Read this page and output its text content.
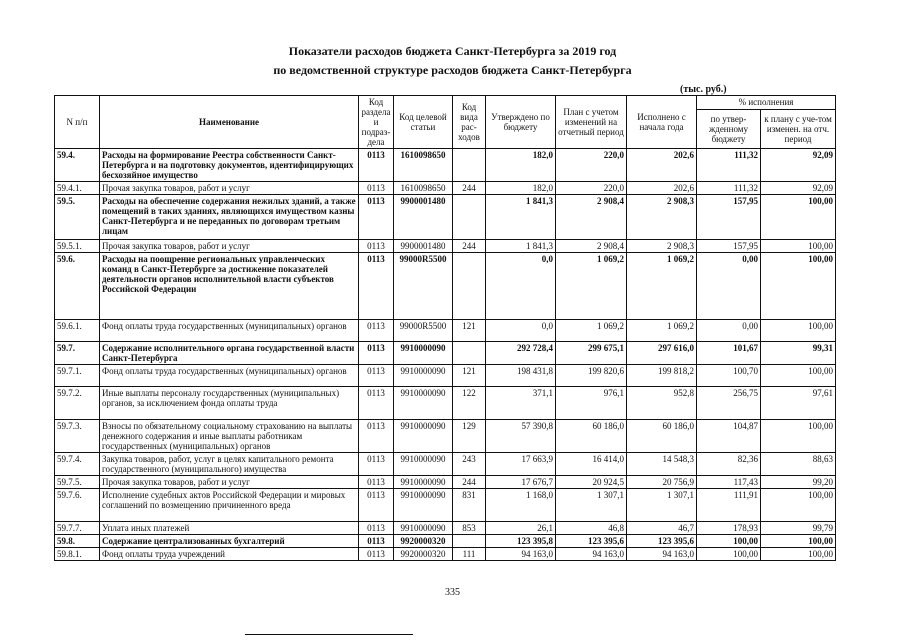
Показатели расходов бюджета Санкт-Петербурга за 2019 год
по ведомственной структуре расходов бюджета Санкт-Петербурга
(тыс. руб.)
N п/п	Наименование	Код раздела и подраз-дела	Код целевой статьи	Код вида рас-ходов	Утверждено по бюджету	План с учетом изменений на отчетный период	Исполнено с начала года	% исполнения	
								по утвер-жденному бюджету	к плану с уче-том изменен. на отч. период
59.4.	Расходы на формирование Реестра собственности Санкт-Петербурга и на подготовку документов, идентифицирующих бесхозяйное имущество	0113	1610098650		182,0	220,0	202,6	111,32	92,09
59.4.1.	Прочая закупка товаров, работ и услуг	0113	1610098650	244	182,0	220,0	202,6	111,32	92,09
59.5.	Расходы на обеспечение содержания нежилых зданий, а также помещений в таких зданиях, являющихся имуществом казны Санкт-Петербурга и не переданных по договорам третьим лицам	0113	9900001480		1 841,3	2 908,4	2 908,3	157,95	100,00
59.5.1.	Прочая закупка товаров, работ и услуг	0113	9900001480	244	1 841,3	2 908,4	2 908,3	157,95	100,00
59.6.	Расходы на поощрение региональных управленческих команд в Санкт-Петербурге за достижение показателей деятельности органов исполнительной власти субъектов Российской Федерации	0113	99000R5500		0,0	1 069,2	1 069,2	0,00	100,00
59.6.1.	Фонд оплаты труда государственных (муниципальных) органов	0113	99000R5500	121	0,0	1 069,2	1 069,2	0,00	100,00
59.7.	Содержание исполнительного органа государственной власти Санкт-Петербурга	0113	9910000090		292 728,4	299 675,1	297 616,0	101,67	99,31
59.7.1.	Фонд оплаты труда государственных (муниципальных) органов	0113	9910000090	121	198 431,8	199 820,6	199 818,2	100,70	100,00
59.7.2.	Иные выплаты персоналу государственных (муниципальных) органов, за исключением фонда оплаты труда	0113	9910000090	122	371,1	976,1	952,8	256,75	97,61
59.7.3.	Взносы по обязательному социальному страхованию на выплаты денежного содержания и иные выплаты работникам государственных (муниципальных) органов	0113	9910000090	129	57 390,8	60 186,0	60 186,0	104,87	100,00
59.7.4.	Закупка товаров, работ, услуг в целях капитального ремонта государственного (муниципального) имущества	0113	9910000090	243	17 663,9	16 414,0	14 548,3	82,36	88,63
59.7.5.	Прочая закупка товаров, работ и услуг	0113	9910000090	244	17 676,7	20 924,5	20 756,9	117,43	99,20
59.7.6.	Исполнение судебных актов Российской Федерации и мировых соглашений по возмещению причиненного вреда	0113	9910000090	831	1 168,0	1 307,1	1 307,1	111,91	100,00
59.7.7.	Уплата иных платежей	0113	9910000090	853	26,1	46,8	46,7	178,93	99,79
59.8.	Содержание централизованных бухгалтерий	0113	9920000320		123 395,8	123 395,6	123 395,6	100,00	100,00
59.8.1.	Фонд оплаты труда учреждений	0113	9920000320	111	94 163,0	94 163,0	94 163,0	100,00	100,00
335
